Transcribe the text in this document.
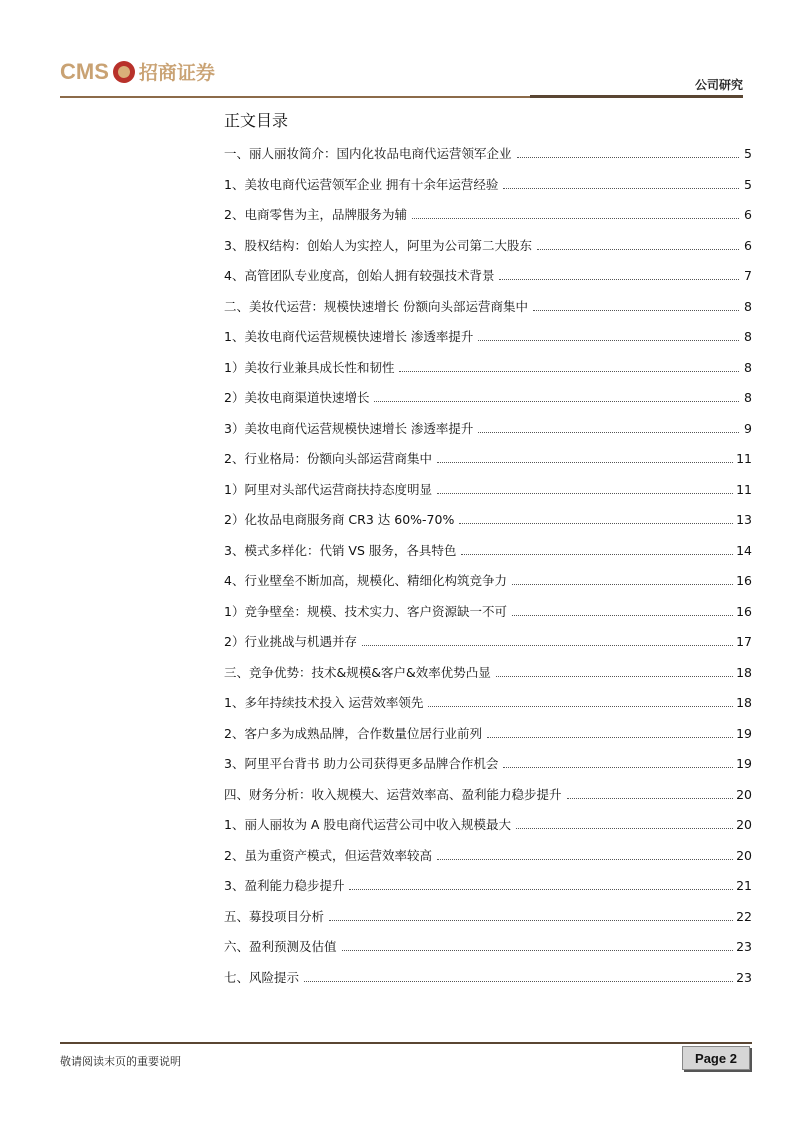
CMS 招商证券
公司研究
正文目录
一、丽人丽妆简介：国内化妆品电商代运营领军企业	5
1、美妆电商代运营领军企业 拥有十余年运营经验	5
2、电商零售为主，品牌服务为辅	6
3、股权结构：创始人为实控人，阿里为公司第二大股东	6
4、高管团队专业度高，创始人拥有较强技术背景	7
二、美妆代运营：规模快速增长 份额向头部运营商集中	8
1、美妆电商代运营规模快速增长 渗透率提升	8
1）美妆行业兼具成长性和韧性	8
2）美妆电商渠道快速增长	8
3）美妆电商代运营规模快速增长 渗透率提升	9
2、行业格局：份额向头部运营商集中	11
1）阿里对头部代运营商扶持态度明显	11
2）化妆品电商服务商 CR3 达 60%-70%	13
3、模式多样化：代销 VS 服务，各具特色	14
4、行业壁垒不断加高，规模化、精细化构筑竞争力	16
1）竞争壁垒：规模、技术实力、客户资源缺一不可	16
2）行业挑战与机遇并存	17
三、竞争优势：技术&规模&客户&效率优势凸显	18
1、多年持续技术投入 运营效率领先	18
2、客户多为成熟品牌，合作数量位居行业前列	19
3、阿里平台背书 助力公司获得更多品牌合作机会	19
四、财务分析：收入规模大、运营效率高、盈利能力稳步提升	20
1、丽人丽妆为 A 股电商代运营公司中收入规模最大	20
2、虽为重资产模式，但运营效率较高	20
3、盈利能力稳步提升	21
五、募投项目分析	22
六、盈利预测及估值	23
七、风险提示	23
敬请阅读末页的重要说明	Page 2
